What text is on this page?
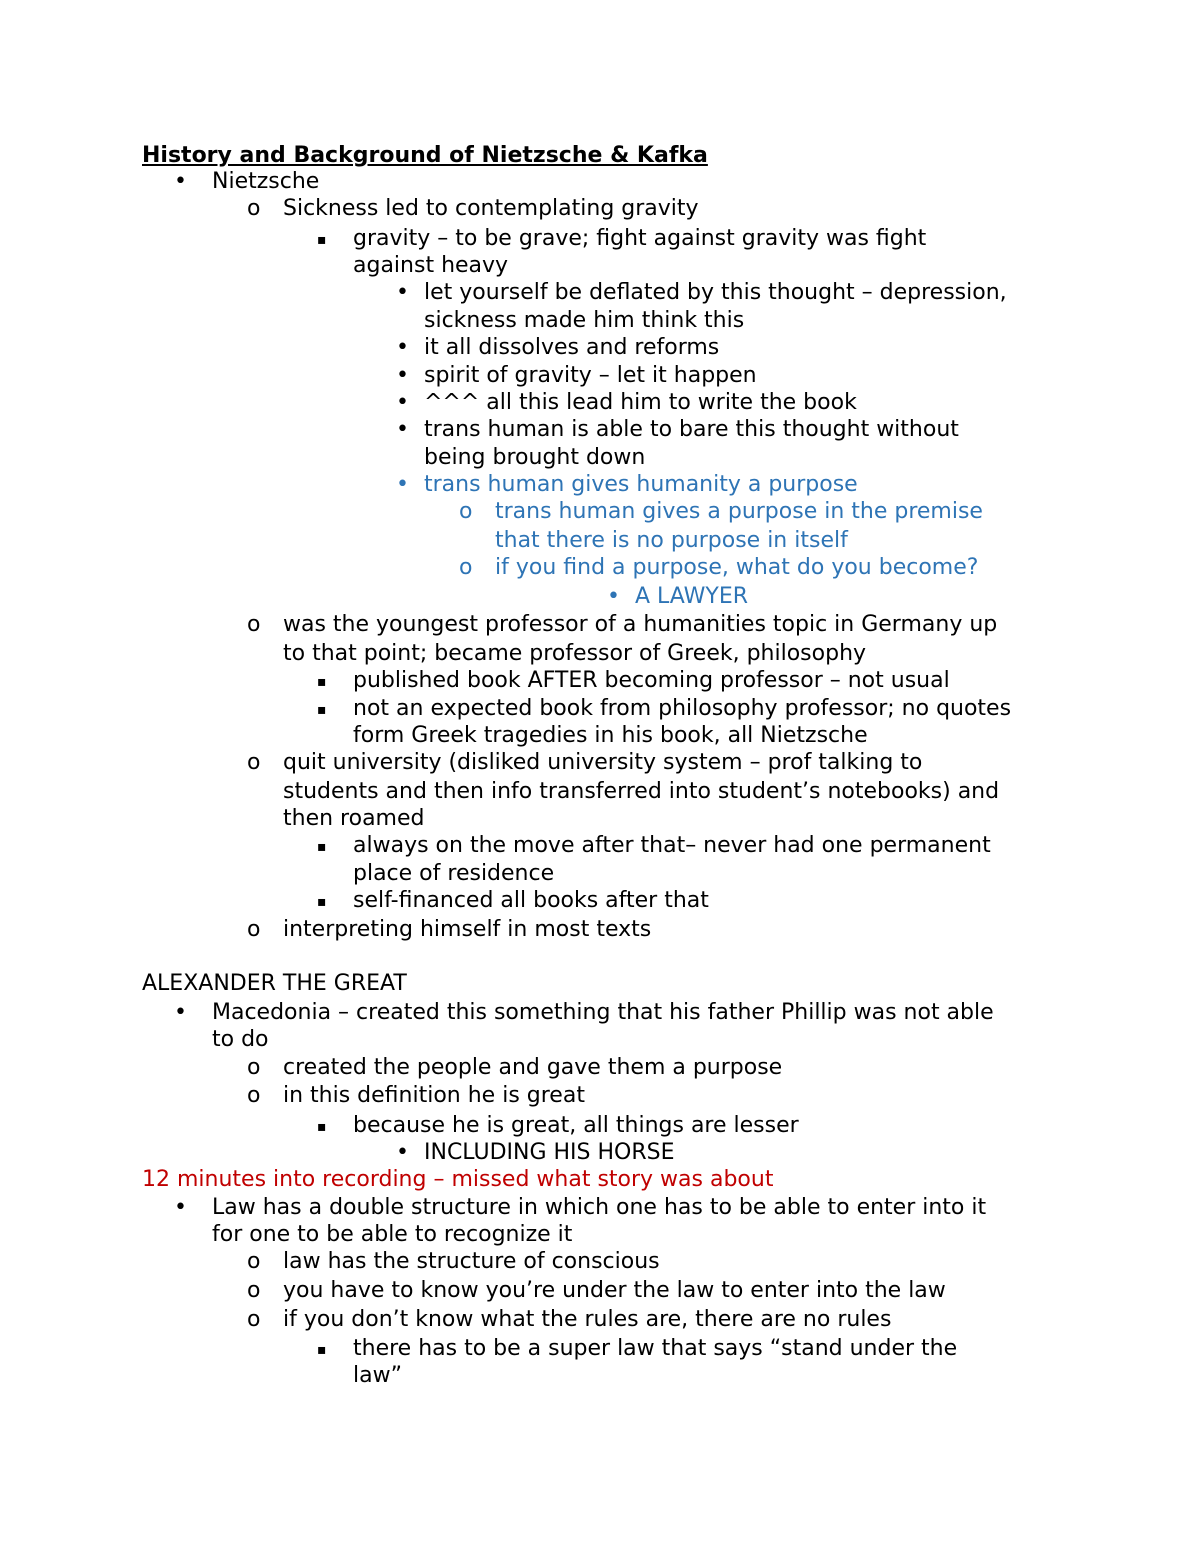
History and Background of Nietzsche & Kafka
• Nietzsche
o Sickness led to contemplating gravity
▪ gravity – to be grave; fight against gravity was fight
against heavy
• let yourself be deflated by this thought – depression,
sickness made him think this
• it all dissolves and reforms
• spirit of gravity – let it happen
• ^^^ all this lead him to write the book
• trans human is able to bare this thought without
being brought down
• trans human gives humanity a purpose
o trans human gives a purpose in the premise
that there is no purpose in itself
o if you find a purpose, what do you become?
• A LAWYER
o was the youngest professor of a humanities topic in Germany up
to that point; became professor of Greek, philosophy
▪ published book AFTER becoming professor – not usual
▪ not an expected book from philosophy professor; no quotes
form Greek tragedies in his book, all Nietzsche
o quit university (disliked university system – prof talking to
students and then info transferred into student’s notebooks) and
then roamed
▪ always on the move after that– never had one permanent
place of residence
▪ self-financed all books after that
o interpreting himself in most texts
ALEXANDER THE GREAT
• Macedonia – created this something that his father Phillip was not able
to do
o created the people and gave them a purpose
o in this definition he is great
▪ because he is great, all things are lesser
• INCLUDING HIS HORSE
12 minutes into recording – missed what story was about
• Law has a double structure in which one has to be able to enter into it
for one to be able to recognize it
o law has the structure of conscious
o you have to know you’re under the law to enter into the law
o if you don’t know what the rules are, there are no rules
▪ there has to be a super law that says “stand under the
law”
